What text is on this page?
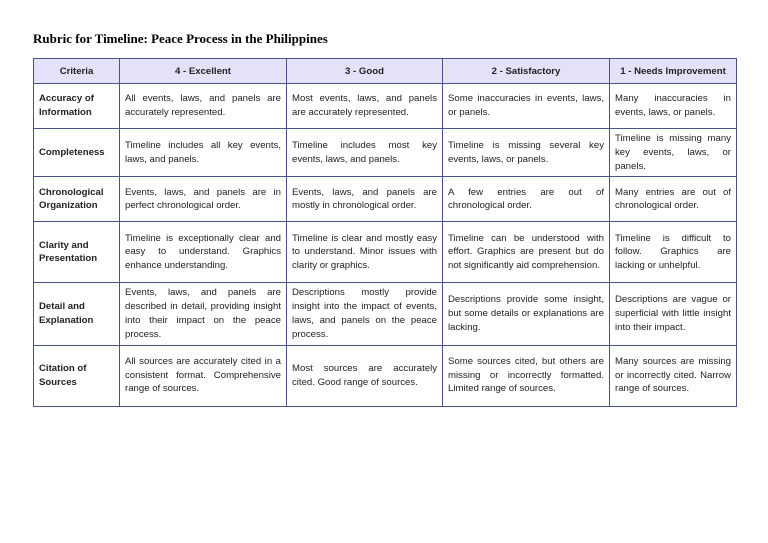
Rubric for Timeline: Peace Process in the Philippines
Criteria	4 - Excellent	3 - Good	2 - Satisfactory	1 - Needs Improvement
Accuracy of Information	All events, laws, and panels are accurately represented.	Most events, laws, and panels are accurately represented.	Some inaccuracies in events, laws, or panels.	Many inaccuracies in events, laws, or panels.
Completeness	Timeline includes all key events, laws, and panels.	Timeline includes most key events, laws, and panels.	Timeline is missing several key events, laws, or panels.	Timeline is missing many key events, laws, or panels.
Chronological Organization	Events, laws, and panels are in perfect chronological order.	Events, laws, and panels are mostly in chronological order.	A few entries are out of chronological order.	Many entries are out of chronological order.
Clarity and Presentation	Timeline is exceptionally clear and easy to understand. Graphics enhance understanding.	Timeline is clear and mostly easy to understand. Minor issues with clarity or graphics.	Timeline can be understood with effort. Graphics are present but do not significantly aid comprehension.	Timeline is difficult to follow. Graphics are lacking or unhelpful.
Detail and Explanation	Events, laws, and panels are described in detail, providing insight into their impact on the peace process.	Descriptions mostly provide insight into the impact of events, laws, and panels on the peace process.	Descriptions provide some insight, but some details or explanations are lacking.	Descriptions are vague or superficial with little insight into their impact.
Citation of Sources	All sources are accurately cited in a consistent format. Comprehensive range of sources.	Most sources are accurately cited. Good range of sources.	Some sources cited, but others are missing or incorrectly formatted. Limited range of sources.	Many sources are missing or incorrectly cited. Narrow range of sources.
